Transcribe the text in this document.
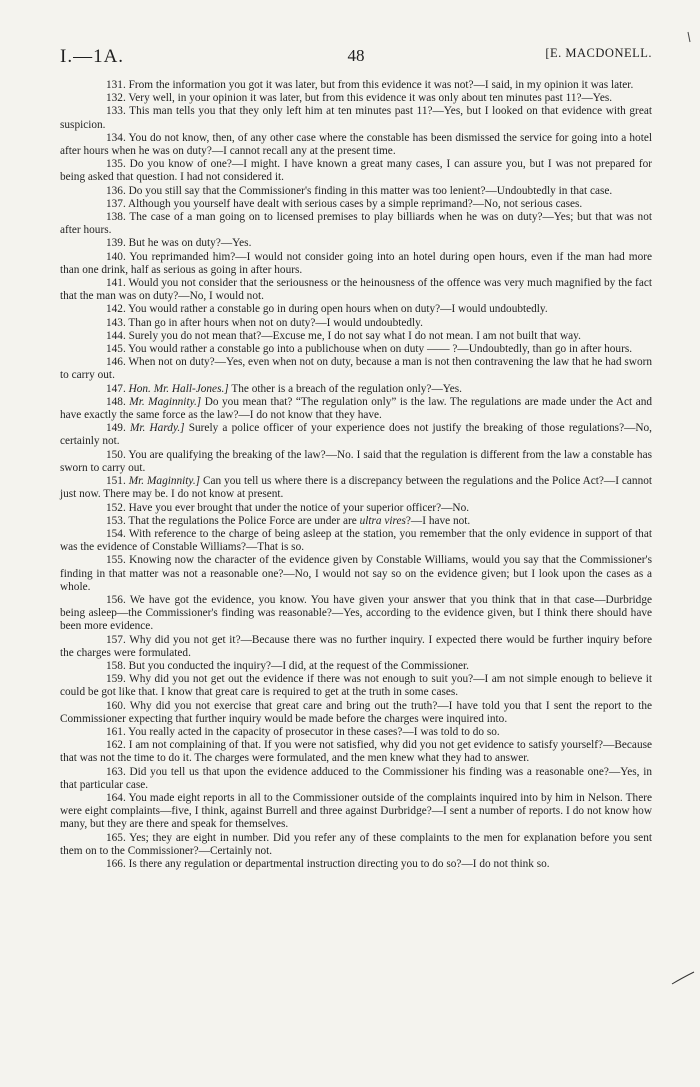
I.—1A.	48	[E. MACDONELL.

131. From the information you got it was later, but from this evidence it was not?—I said, in my opinion it was later.

132. Very well, in your opinion it was later, but from this evidence it was only about ten minutes past 11?—Yes.

133. This man tells you that they only left him at ten minutes past 11?—Yes, but I looked on that evidence with great suspicion.

134. You do not know, then, of any other case where the constable has been dismissed the service for going into a hotel after hours when he was on duty?—I cannot recall any at the present time.

135. Do you know of one?—I might. I have known a great many cases, I can assure you, but I was not prepared for being asked that question. I had not considered it.

136. Do you still say that the Commissioner's finding in this matter was too lenient?—Undoubtedly in that case.

137. Although you yourself have dealt with serious cases by a simple reprimand?—No, not serious cases.

138. The case of a man going on to licensed premises to play billiards when he was on duty?—Yes; but that was not after hours.

139. But he was on duty?—Yes.

140. You reprimanded him?—I would not consider going into an hotel during open hours, even if the man had more than one drink, half as serious as going in after hours.

141. Would you not consider that the seriousness or the heinousness of the offence was very much magnified by the fact that the man was on duty?—No, I would not.

142. You would rather a constable go in during open hours when on duty?—I would undoubtedly.

143. Than go in after hours when not on duty?—I would undoubtedly.

144. Surely you do not mean that?—Excuse me, I do not say what I do not mean. I am not built that way.

145. You would rather a constable go into a publichouse when on duty —— ?—Undoubtedly, than go in after hours.

146. When not on duty?—Yes, even when not on duty, because a man is not then contravening the law that he had sworn to carry out.

147. Hon. Mr. Hall-Jones.] The other is a breach of the regulation only?—Yes.

148. Mr. Maginnity.] Do you mean that? “The regulation only” is the law. The regulations are made under the Act and have exactly the same force as the law?—I do not know that they have.

149. Mr. Hardy.] Surely a police officer of your experience does not justify the breaking of those regulations?—No, certainly not.

150. You are qualifying the breaking of the law?—No. I said that the regulation is different from the law a constable has sworn to carry out.

151. Mr. Maginnity.] Can you tell us where there is a discrepancy between the regulations and the Police Act?—I cannot just now. There may be. I do not know at present.

152. Have you ever brought that under the notice of your superior officer?—No.

153. That the regulations the Police Force are under are ultra vires?—I have not.

154. With reference to the charge of being asleep at the station, you remember that the only evidence in support of that was the evidence of Constable Williams?—That is so.

155. Knowing now the character of the evidence given by Constable Williams, would you say that the Commissioner's finding in that matter was not a reasonable one?—No, I would not say so on the evidence given; but I look upon the cases as a whole.

156. We have got the evidence, you know. You have given your answer that you think that in that case—Durbridge being asleep—the Commissioner's finding was reasonable?—Yes, according to the evidence given, but I think there should have been more evidence.

157. Why did you not get it?—Because there was no further inquiry. I expected there would be further inquiry before the charges were formulated.

158. But you conducted the inquiry?—I did, at the request of the Commissioner.

159. Why did you not get out the evidence if there was not enough to suit you?—I am not simple enough to believe it could be got like that. I know that great care is required to get at the truth in some cases.

160. Why did you not exercise that great care and bring out the truth?—I have told you that I sent the report to the Commissioner expecting that further inquiry would be made before the charges were inquired into.

161. You really acted in the capacity of prosecutor in these cases?—I was told to do so.

162. I am not complaining of that. If you were not satisfied, why did you not get evidence to satisfy yourself?—Because that was not the time to do it. The charges were formulated, and the men knew what they had to answer.

163. Did you tell us that upon the evidence adduced to the Commissioner his finding was a reasonable one?—Yes, in that particular case.

164. You made eight reports in all to the Commissioner outside of the complaints inquired into by him in Nelson. There were eight complaints—five, I think, against Burrell and three against Durbridge?—I sent a number of reports. I do not know how many, but they are there and speak for themselves.

165. Yes; they are eight in number. Did you refer any of these complaints to the men for explanation before you sent them on to the Commissioner?—Certainly not.

166. Is there any regulation or departmental instruction directing you to do so?—I do not think so.
